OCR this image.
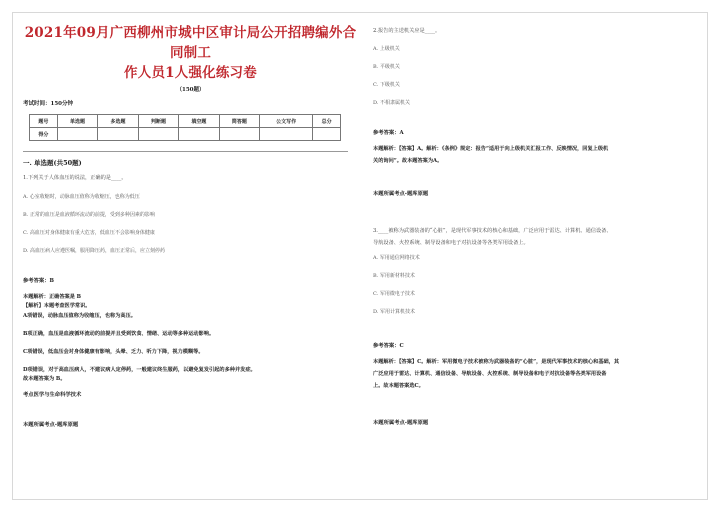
2021年09月广西柳州市城中区审计局公开招聘编外合同制工
作人员1人强化练习卷
（150题）
考试时间：150分钟
题号	单选题	多选题	判断题	填空题	简答题	公文写作	总分
得分							
一. 单选题(共50题)
1.下列关于人体血压的说法，正确的是____。
A. 心室收缩时，动脉血压值称为收缩压，也称为低压
B. 正常的血压是血液循环流动的前提，受到多种因素的影响
C. 高血压对身体健康有重大危害，低血压不会影响身体健康
D. 高血压病人应遵医嘱，服用降压药，血压正常后，应立刻停药
参考答案：B
本题解析：正确答案是 B
【解析】本题考查医学常识。
A项错误，动脉血压值称为收缩压，也称为高压。
B项正确，血压是血液循环流动的前提并且受到饮食、情绪、运动等多种运动影响。
C项错误，低血压会对身体健康有影响，头晕、乏力、听力下降，视力模糊等。
D项错误，对于高血压病人，不建议病人定停药，一般建议终生服药，以避免复发引起的多种并发症。
故本题答案为 B。
考点医学与生命科学技术
本题所属考点-题库原题
2.报告的主送机关应是____。
A. 上级机关
B. 平级机关
C. 下级机关
D. 不相隶属机关
参考答案：A
本题解析：【答案】A。解析：《条例》规定：报告“适用于向上级机关汇报工作、反映情况，回复上级机
关的询问”。故本题答案为A。
本题所属考点-题库原题
3.____被称为武器装备的“心脏”，是现代军事技术的核心和基础，广泛应用于雷达、计算机、通信设备、
导航设备、火控系统、制导设备和电子对抗设备等各类军用设备上。
A. 军用通信网络技术
B. 军用新材料技术
C. 军用微电子技术
D. 军用计算机技术
参考答案：C
本题解析：【答案】C。解析：军用微电子技术被称为武器装备的“心脏”，是现代军事技术的核心和基础，其
广泛应用于雷达、计算机、通信设备、导航设备、火控系统、制导设备和电子对抗设备等各类军用设备
上。故本题答案选C。
本题所属考点-题库原题
